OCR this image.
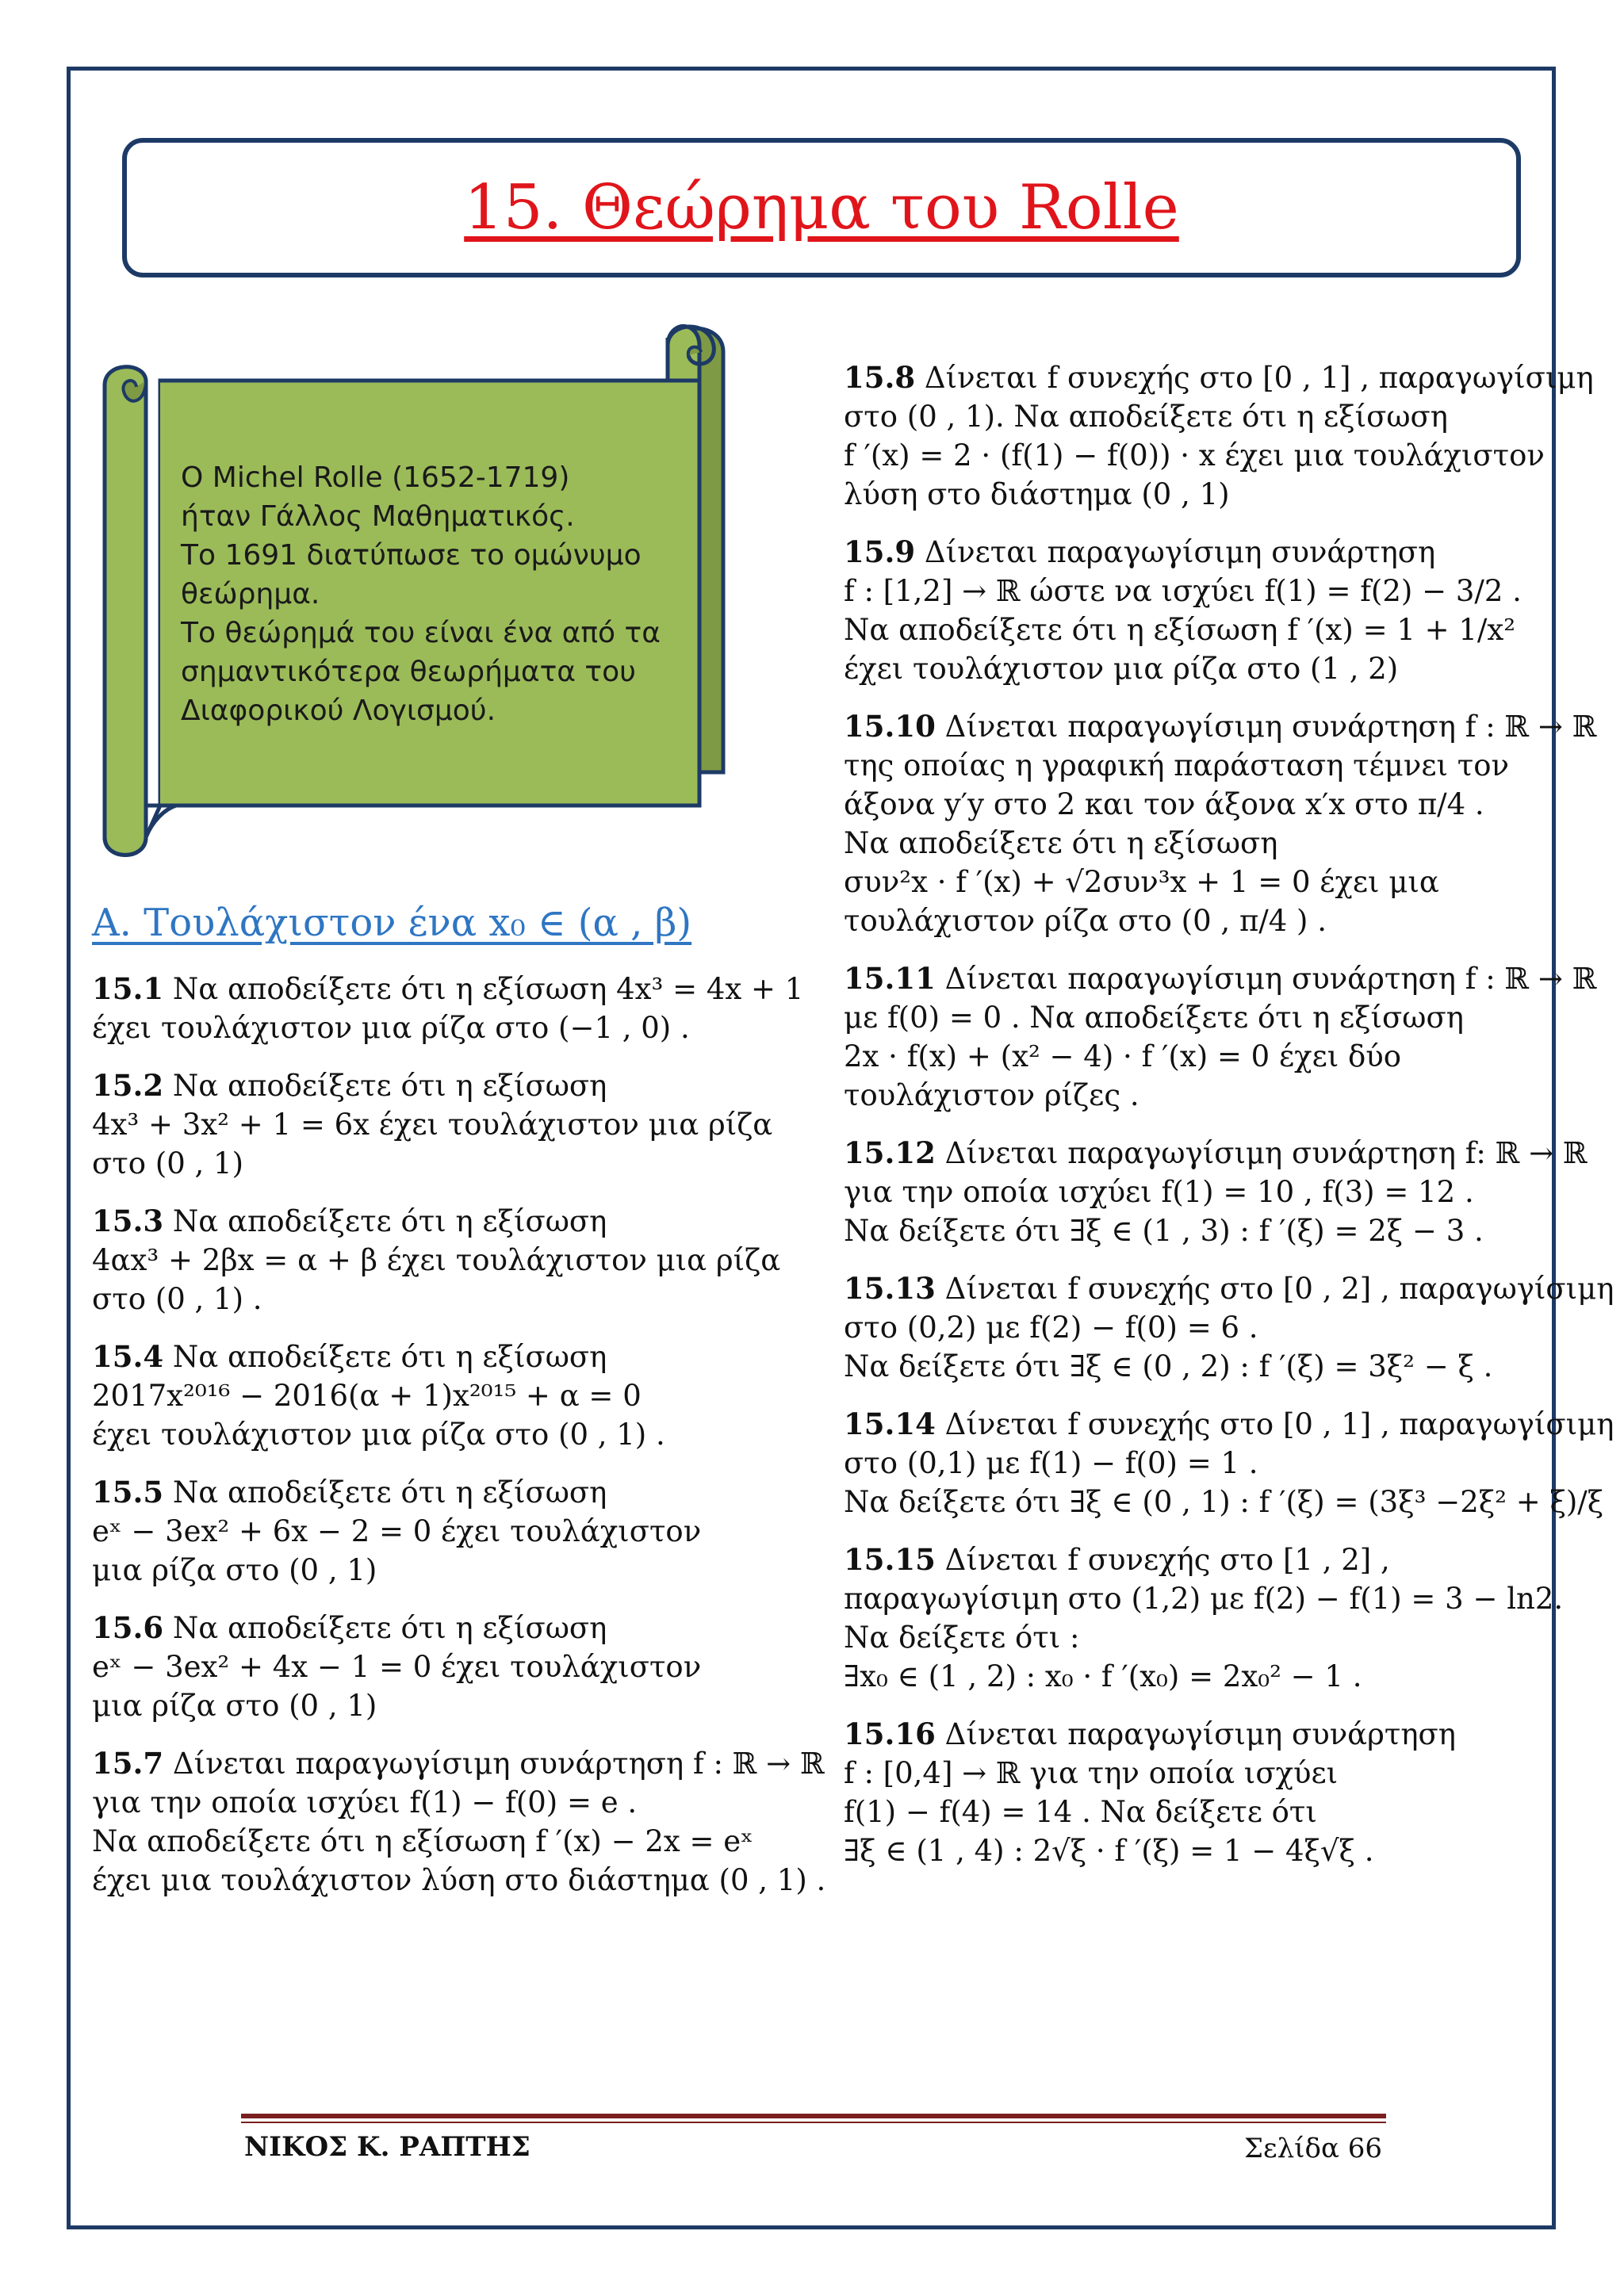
15. Θεώρημα του Rolle
Ο Michel Rolle (1652-1719)
ήταν Γάλλος Μαθηματικός.
Το 1691 διατύπωσε το ομώνυμο
θεώρημα.
Το θεώρημά του είναι ένα από τα
σημαντικότερα θεωρήματα του
Διαφορικού Λογισμού.
Α. Τουλάχιστον ένα x₀ ∈ (α , β)
15.1 Να αποδείξετε ότι η εξίσωση 4x³ = 4x + 1
έχει τουλάχιστον μια ρίζα στο (−1 , 0) .
15.2 Να αποδείξετε ότι η εξίσωση
4x³ + 3x² + 1 = 6x έχει τουλάχιστον μια ρίζα
στο (0 , 1)
15.3 Να αποδείξετε ότι η εξίσωση
4αx³ + 2βx = α + β έχει τουλάχιστον μια ρίζα
στο (0 , 1) .
15.4 Να αποδείξετε ότι η εξίσωση
2017x²⁰¹⁶ − 2016(α + 1)x²⁰¹⁵ + α = 0
έχει τουλάχιστον μια ρίζα στο (0 , 1) .
15.5 Να αποδείξετε ότι η εξίσωση
eˣ − 3ex² + 6x − 2 = 0 έχει τουλάχιστον
μια ρίζα στο (0 , 1)
15.6 Να αποδείξετε ότι η εξίσωση
eˣ − 3ex² + 4x − 1 = 0 έχει τουλάχιστον
μια ρίζα στο (0 , 1)
15.7 Δίνεται παραγωγίσιμη συνάρτηση f : ℝ → ℝ
για την οποία ισχύει f(1) − f(0) = e .
Να αποδείξετε ότι η εξίσωση f ′(x) − 2x = eˣ
έχει μια τουλάχιστον λύση στο διάστημα (0 , 1) .
15.8 Δίνεται f συνεχής στο [0 , 1] , παραγωγίσιμη
στο (0 , 1). Να αποδείξετε ότι η εξίσωση
f ′(x) = 2 · (f(1) − f(0)) · x έχει μια τουλάχιστον
λύση στο διάστημα (0 , 1)
15.9 Δίνεται παραγωγίσιμη συνάρτηση
f : [1,2] → ℝ ώστε να ισχύει f(1) = f(2) − 3/2 .
Να αποδείξετε ότι η εξίσωση f ′(x) = 1 + 1/x²
έχει τουλάχιστον μια ρίζα στο (1 , 2)
15.10 Δίνεται παραγωγίσιμη συνάρτηση f : ℝ → ℝ
της οποίας η γραφική παράσταση τέμνει τον
άξονα y′y στο 2 και τον άξονα x′x στο π/4 .
Να αποδείξετε ότι η εξίσωση
συν²x · f ′(x) + √2συν³x + 1 = 0 έχει μια
τουλάχιστον ρίζα στο (0 , π/4 ) .
15.11 Δίνεται παραγωγίσιμη συνάρτηση f : ℝ → ℝ
με f(0) = 0 . Να αποδείξετε ότι η εξίσωση
2x · f(x) + (x² − 4) · f ′(x) = 0 έχει δύο
τουλάχιστον ρίζες .
15.12 Δίνεται παραγωγίσιμη συνάρτηση f: ℝ → ℝ
για την οποία ισχύει f(1) = 10 , f(3) = 12 .
Να δείξετε ότι ∃ξ ∈ (1 , 3) : f ′(ξ) = 2ξ − 3 .
15.13 Δίνεται f συνεχής στο [0 , 2] , παραγωγίσιμη
στο (0,2) με f(2) − f(0) = 6 .
Να δείξετε ότι ∃ξ ∈ (0 , 2) : f ′(ξ) = 3ξ² − ξ .
15.14 Δίνεται f συνεχής στο [0 , 1] , παραγωγίσιμη
στο (0,1) με f(1) − f(0) = 1 .
Να δείξετε ότι ∃ξ ∈ (0 , 1) : f ′(ξ) = (3ξ³ −2ξ² + ξ)/ξ
15.15 Δίνεται f συνεχής στο [1 , 2] ,
παραγωγίσιμη στο (1,2) με f(2) − f(1) = 3 − ln2.
Να δείξετε ότι :
∃x₀ ∈ (1 , 2) : x₀ · f ′(x₀) = 2x₀² − 1 .
15.16 Δίνεται παραγωγίσιμη συνάρτηση
f : [0,4] → ℝ για την οποία ισχύει
f(1) − f(4) = 14 . Να δείξετε ότι
∃ξ ∈ (1 , 4) : 2√ξ · f ′(ξ) = 1 − 4ξ√ξ .
ΝΙΚΟΣ Κ. ΡΑΠΤΗΣ	Σελίδα 66
